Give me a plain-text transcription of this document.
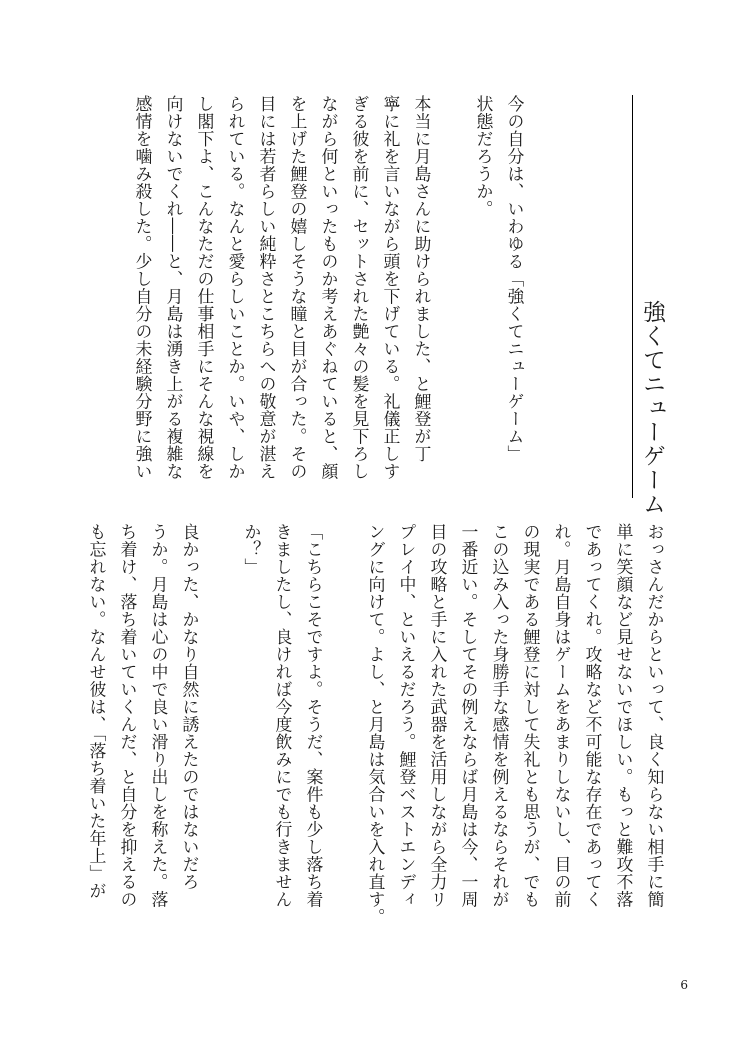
強くてニューゲーム
今の自分は、いわゆる「強くてニューゲーム」
状態だろうか。
本当に月島さんに助けられました、と鯉登が丁
寧に礼を言いながら頭を下げている。礼儀正しす
ぎる彼を前に、セットされた艶々の髪を見下ろし
ながら何といったものか考えあぐねていると、顔
を上げた鯉登の嬉しそうな瞳と目が合った。その
目には若者らしい純粋さとこちらへの敬意が湛え
られている。なんと愛らしいことか。いや、しか
し閣下よ、こんなただの仕事相手にそんな視線を
向けないでくれ――と、月島は湧き上がる複雑な
感情を噛み殺した。少し自分の未経験分野に強い
おっさんだからといって、良く知らない相手に簡
単に笑顔など見せないでほしい。もっと難攻不落
であってくれ。攻略など不可能な存在であってく
れ。月島自身はゲームをあまりしないし、目の前
の現実である鯉登に対して失礼とも思うが、でも
この込み入った身勝手な感情を例えるならそれが
一番近い。そしてその例えならば月島は今、一周
目の攻略と手に入れた武器を活用しながら全力リ
プレイ中、といえるだろう。鯉登ベストエンディ
ングに向けて。よし、と月島は気合いを入れ直す。
「こちらこそですよ。そうだ、案件も少し落ち着
きましたし、良ければ今度飲みにでも行きません
か？」
良かった、かなり自然に誘えたのではないだろ
うか。月島は心の中で良い滑り出しを称えた。落
ち着け、落ち着いていくんだ、と自分を抑えるの
も忘れない。なんせ彼は、「落ち着いた年上」が
6
